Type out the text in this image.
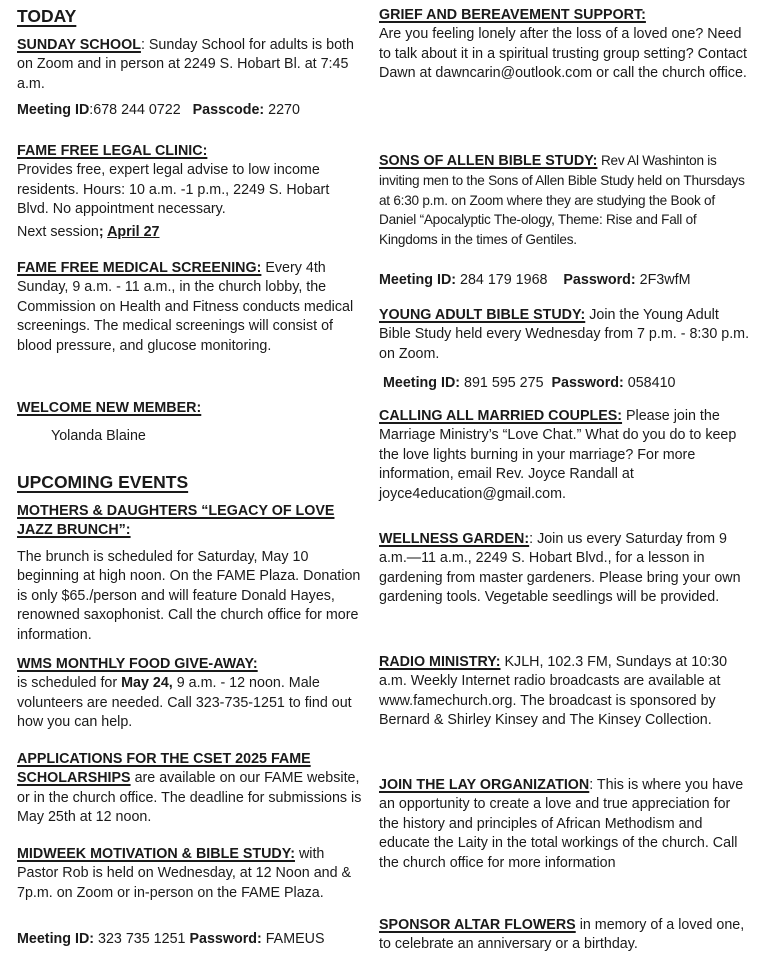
TODAY
SUNDAY SCHOOL: Sunday School for adults is both on Zoom and in person at 2249 S. Hobart Bl. at 7:45 a.m.
Meeting ID:678 244 0722 Passcode: 2270
FAME FREE LEGAL CLINIC:
Provides free, expert legal advise to low income residents. Hours: 10 a.m. -1 p.m., 2249 S. Hobart Blvd. No appointment necessary.
Next session; April 27
FAME FREE MEDICAL SCREENING: Every 4th Sunday, 9 a.m. - 11 a.m., in the church lobby, the Commission on Health and Fitness conducts medical screenings. The medical screenings will consist of blood pressure, and glucose monitoring.
WELCOME NEW MEMBER:
Yolanda Blaine
UPCOMING EVENTS
MOTHERS & DAUGHTERS “LEGACY OF LOVE JAZZ BRUNCH”:
The brunch is scheduled for Saturday, May 10 beginning at high noon. On the FAME Plaza. Donation is only $65./person and will feature Donald Hayes, renowned saxophonist. Call the church office for more information.
WMS MONTHLY FOOD GIVE-AWAY:
is scheduled for May 24, 9 a.m. - 12 noon. Male volunteers are needed. Call 323-735-1251 to find out how you can help.
APPLICATIONS FOR THE CSET 2025 FAME SCHOLARSHIPS are available on our FAME website, or in the church office. The deadline for submissions is May 25th at 12 noon.
MIDWEEK MOTIVATION & BIBLE STUDY: with Pastor Rob is held on Wednesday, at 12 Noon and & 7p.m. on Zoom or in-person on the FAME Plaza.
Meeting ID: 323 735 1251 Password: FAMEUS
GRIEF AND BEREAVEMENT SUPPORT:
Are you feeling lonely after the loss of a loved one? Need to talk about it in a spiritual trusting group setting? Contact Dawn at dawncarin@outlook.com or call the church office.
SONS OF ALLEN BIBLE STUDY: Rev Al Washinton is inviting men to the Sons of Allen Bible Study held on Thursdays at 6:30 p.m. on Zoom where they are studying the Book of Daniel “Apocalyptic The-ology, Theme: Rise and Fall of Kingdoms in the times of Gentiles.
Meeting ID: 284 179 1968    Password: 2F3wfM
YOUNG ADULT BIBLE STUDY: Join the Young Adult Bible Study held every Wednesday from 7 p.m. - 8:30 p.m. on Zoom.
Meeting ID: 891 595 275  Password: 058410
CALLING ALL MARRIED COUPLES: Please join the Marriage Ministry’s “Love Chat.” What do you do to keep the love lights burning in your marriage? For more information, email Rev. Joyce Randall at joyce4education@gmail.com.
WELLNESS GARDEN:: Join us every Saturday from 9 a.m.—11 a.m., 2249 S. Hobart Blvd., for a lesson in gardening from master gardeners. Please bring your own gardening tools. Vegetable seedlings will be provided.
RADIO MINISTRY: KJLH, 102.3 FM, Sundays at 10:30 a.m. Weekly Internet radio broadcasts are available at www.famechurch.org. The broadcast is sponsored by Bernard & Shirley Kinsey and The Kinsey Collection.
JOIN THE LAY ORGANIZATION: This is where you have an opportunity to create a love and true appreciation for the history and principles of African Methodism and educate the Laity in the total workings of the church. Call the church office for more information
SPONSOR ALTAR FLOWERS in memory of a loved one, to celebrate an anniversary or a birthday.
